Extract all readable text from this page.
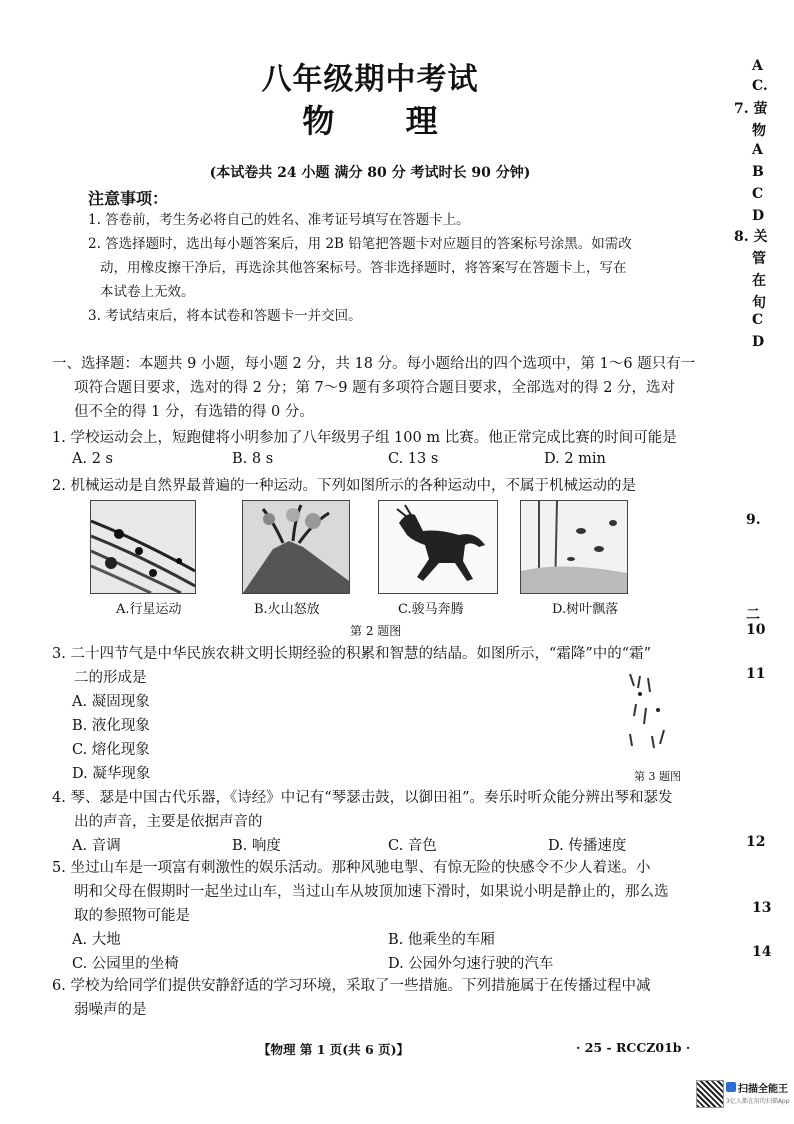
八年级期中考试
物 理
(本试卷共 24 小题 满分 80 分 考试时长 90 分钟)
注意事项：
1. 答卷前，考生务必将自己的姓名、准考证号填写在答题卡上。
2. 答选择题时，选出每小题答案后，用 2B 铅笔把答题卡对应题目的答案标号涂黑。如需改
动，用橡皮擦干净后，再选涂其他答案标号。答非选择题时，将答案写在答题卡上，写在
本试卷上无效。
3. 考试结束后，将本试卷和答题卡一并交回。
一、选择题：本题共 9 小题，每小题 2 分，共 18 分。每小题给出的四个选项中，第 1～6 题只有一
项符合题目要求，选对的得 2 分；第 7～9 题有多项符合题目要求，全部选对的得 2 分，选对
但不全的得 1 分，有选错的得 0 分。
1. 学校运动会上，短跑健将小明参加了八年级男子组 100 m 比赛。他正常完成比赛的时间可能是
A. 2 s	B. 8 s	C. 13 s	D. 2 min
2. 机械运动是自然界最普遍的一种运动。下列如图所示的各种运动中，不属于机械运动的是
A.行星运动	B.火山怒放	C.骏马奔腾	D.树叶飘落
第 2 题图
3. 二十四节气是中华民族农耕文明长期经验的积累和智慧的结晶。如图所示，“霜降”中的“霜”
二的形成是
A. 凝固现象
B. 液化现象
C. 熔化现象
D. 凝华现象	第 3 题图
4. 琴、瑟是中国古代乐器，《诗经》中记有“琴瑟击鼓，以御田祖”。奏乐时听众能分辨出琴和瑟发
出的声音，主要是依据声音的
A. 音调	B. 响度	C. 音色	D. 传播速度
5. 坐过山车是一项富有刺激性的娱乐活动。那种风驰电掣、有惊无险的快感令不少人着迷。小
明和父母在假期时一起坐过山车，当过山车从坡顶加速下滑时，如果说小明是静止的，那么选
取的参照物可能是
A. 大地	B. 他乘坐的车厢
C. 公园里的坐椅	D. 公园外匀速行驶的汽车
6. 学校为给同学们提供安静舒适的学习环境，采取了一些措施。下列措施属于在传播过程中减
弱噪声的是
【物理 第 1 页(共 6 页)】	· 25 - RCCZ01b ·
A
C.
7. 萤
物
A
B
C
D
8. 关
管
在
旬
C
D
9.
二
10
11
12
13
14
扫描全能王
3亿人都在用的扫描App
